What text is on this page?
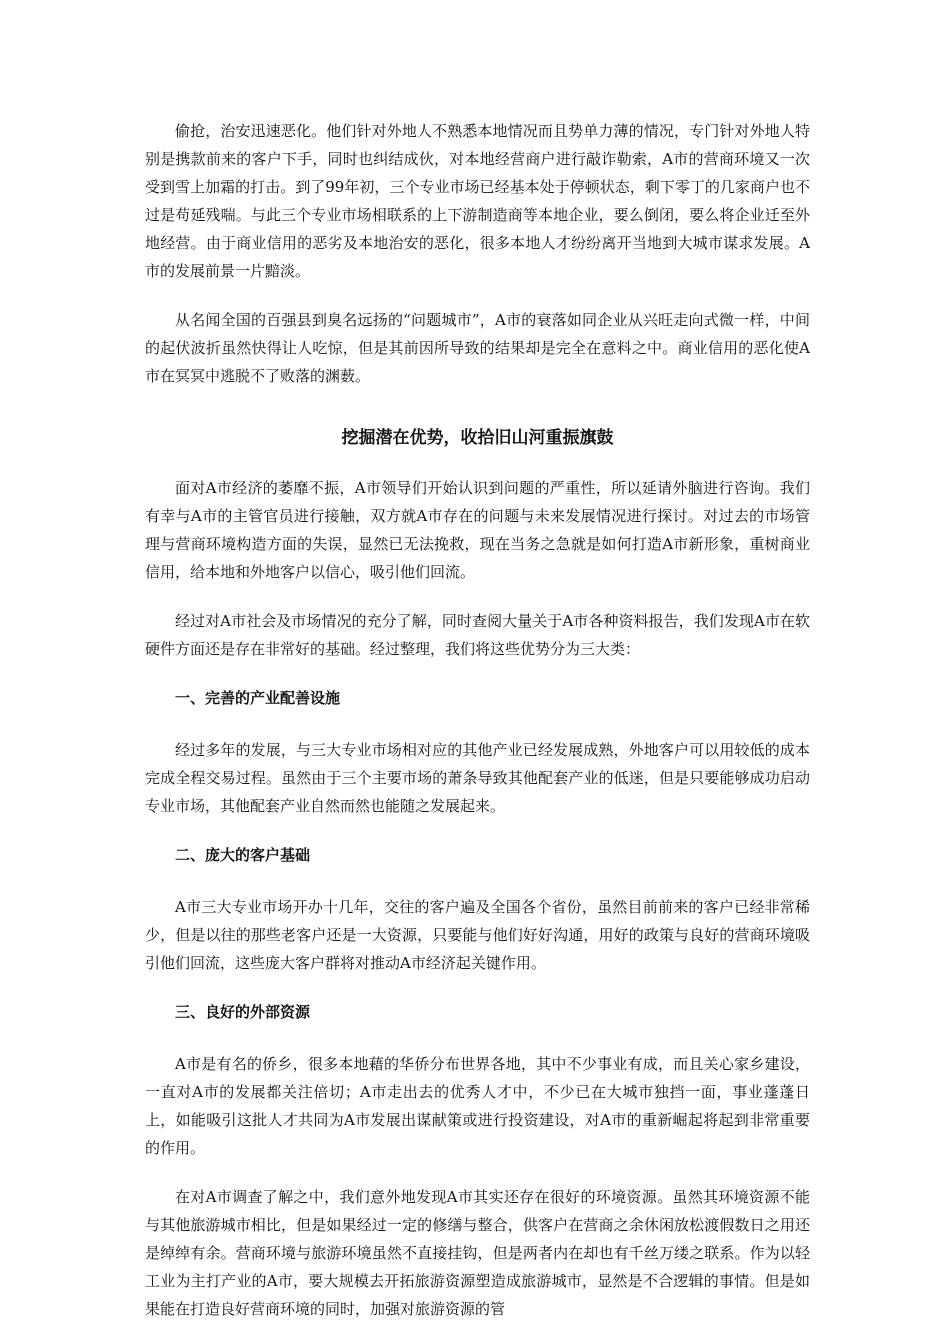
偷抢，治安迅速恶化。他们针对外地人不熟悉本地情况而且势单力薄的情况，专门针对外地人特别是携款前来的客户下手，同时也纠结成伙，对本地经营商户进行敲诈勒索，A市的营商环境又一次受到雪上加霜的打击。到了99年初，三个专业市场已经基本处于停顿状态，剩下零丁的几家商户也不过是苟延残喘。与此三个专业市场相联系的上下游制造商等本地企业，要么倒闭，要么将企业迁至外地经营。由于商业信用的恶劣及本地治安的恶化，很多本地人才纷纷离开当地到大城市谋求发展。A市的发展前景一片黯淡。

从名闻全国的百强县到臭名远扬的“问题城市”，A市的衰落如同企业从兴旺走向式微一样，中间的起伏波折虽然快得让人吃惊，但是其前因所导致的结果却是完全在意料之中。商业信用的恶化使A市在冥冥中逃脱不了败落的渊薮。

挖掘潜在优势，收拾旧山河重振旗鼓

面对A市经济的萎靡不振，A市领导们开始认识到问题的严重性，所以延请外脑进行咨询。我们有幸与A市的主管官员进行接触，双方就A市存在的问题与未来发展情况进行探讨。对过去的市场管理与营商环境构造方面的失误，显然已无法挽救，现在当务之急就是如何打造A市新形象，重树商业信用，给本地和外地客户以信心，吸引他们回流。

经过对A市社会及市场情况的充分了解，同时查阅大量关于A市各种资料报告，我们发现A市在软硬件方面还是存在非常好的基础。经过整理，我们将这些优势分为三大类：

一、完善的产业配善设施

经过多年的发展，与三大专业市场相对应的其他产业已经发展成熟，外地客户可以用较低的成本完成全程交易过程。虽然由于三个主要市场的萧条导致其他配套产业的低迷，但是只要能够成功启动专业市场，其他配套产业自然而然也能随之发展起来。

二、庞大的客户基础

A市三大专业市场开办十几年，交往的客户遍及全国各个省份，虽然目前前来的客户已经非常稀少，但是以往的那些老客户还是一大资源，只要能与他们好好沟通，用好的政策与良好的营商环境吸引他们回流，这些庞大客户群将对推动A市经济起关键作用。

三、良好的外部资源

A市是有名的侨乡，很多本地藉的华侨分布世界各地，其中不少事业有成，而且关心家乡建设，一直对A市的发展都关注倍切；A市走出去的优秀人才中，不少已在大城市独挡一面，事业蓬蓬日上，如能吸引这批人才共同为A市发展出谋献策或进行投资建设，对A市的重新崛起将起到非常重要的作用。

在对A市调查了解之中，我们意外地发现A市其实还存在很好的环境资源。虽然其环境资源不能与其他旅游城市相比，但是如果经过一定的修缮与整合，供客户在营商之余休闲放松渡假数日之用还是绰绰有余。营商环境与旅游环境虽然不直接挂钩，但是两者内在却也有千丝万缕之联系。作为以轻工业为主打产业的A市，要大规模去开拓旅游资源塑造成旅游城市，显然是不合逻辑的事情。但是如果能在打造良好营商环境的同时，加强对旅游资源的管
